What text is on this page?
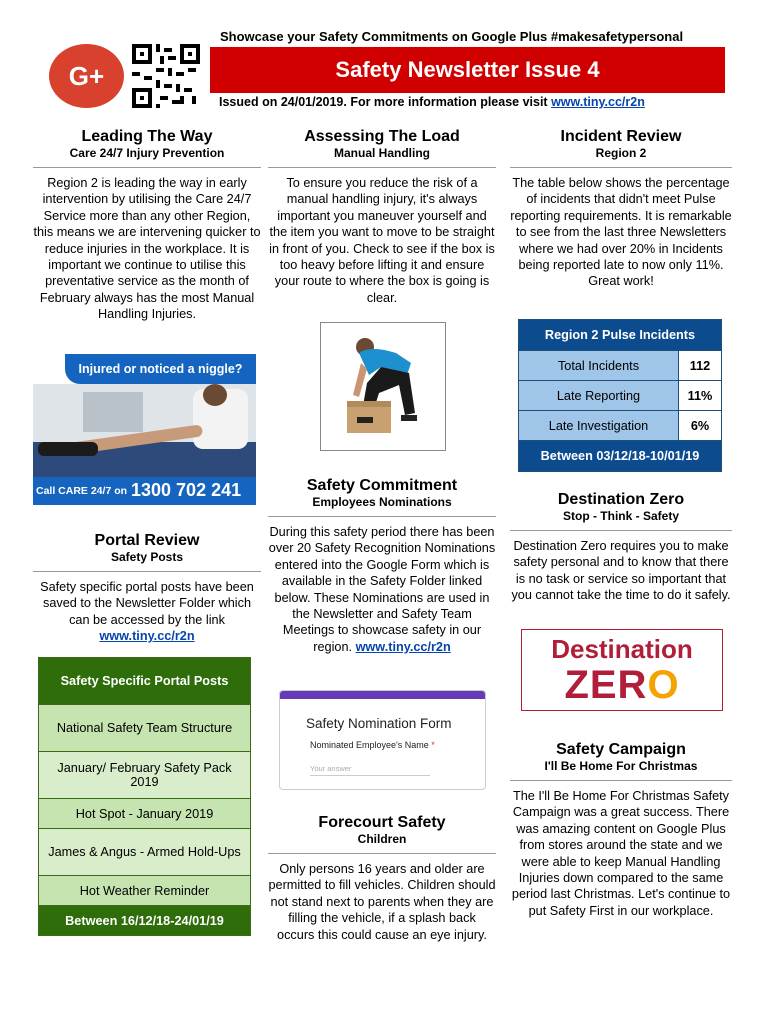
G+
Showcase your Safety Commitments on Google Plus #makesafetypersonal
Safety Newsletter Issue 4
Issued on 24/01/2019. For more information please visit www.tiny.cc/r2n
Leading The Way
Care 24/7 Injury Prevention
Region 2 is leading the way in early intervention by utilising the Care 24/7 Service more than any other Region, this means we are intervening quicker to reduce injuries in the workplace. It is important we continue to utilise this preventative service as the month of February always has the most Manual Handling Injuries.
Injured or noticed a niggle?
Call CARE 24/7 on 1300 702 241
Portal Review
Safety Posts
Safety specific portal posts have been saved to the Newsletter Folder which can be accessed by the link www.tiny.cc/r2n
Safety Specific Portal Posts
National Safety Team Structure
January/ February Safety Pack 2019
Hot Spot - January 2019
James & Angus - Armed Hold-Ups
Hot Weather Reminder
Between 16/12/18-24/01/19
Assessing The Load
Manual Handling
To ensure you reduce the risk of a manual handling injury, it's always important you maneuver yourself and the item you want to move to be straight in front of you. Check to see if the box is too heavy before lifting it and ensure your route to where the box is going is clear.
Safety Commitment
Employees Nominations
During this safety period there has been over 20 Safety Recognition Nominations entered into the Google Form which is available in the Safety Folder linked below. These Nominations are used in the Newsletter and Safety Team Meetings to showcase safety in our region. www.tiny.cc/r2n
Safety Nomination Form
Nominated Employee's Name *
Your answer
Forecourt Safety
Children
Only persons 16 years and older are permitted to fill vehicles. Children should not stand next to parents when they are filling the vehicle, if a splash back occurs this could cause an eye injury.
Incident Review
Region 2
The table below shows the percentage of incidents that didn't meet Pulse reporting requirements. It is remarkable to see from the last three Newsletters where we had over 20% in Incidents being reported late to now only 11%. Great work!
Region 2 Pulse Incidents	
Total Incidents	112
Late Reporting	11%
Late Investigation	6%
Between 03/12/18-10/01/19	
Destination Zero
Stop - Think - Safety
Destination Zero requires you to make safety personal and to know that there is no task or service so important that you cannot take the time to do it safely.
Destination
ZERO
Safety Campaign
I'll Be Home For Christmas
The I'll Be Home For Christmas Safety Campaign was a great success. There was amazing content on Google Plus from stores around the state and we were able to keep Manual Handling Injuries down compared to the same period last Christmas. Let's continue to put Safety First in our workplace.
